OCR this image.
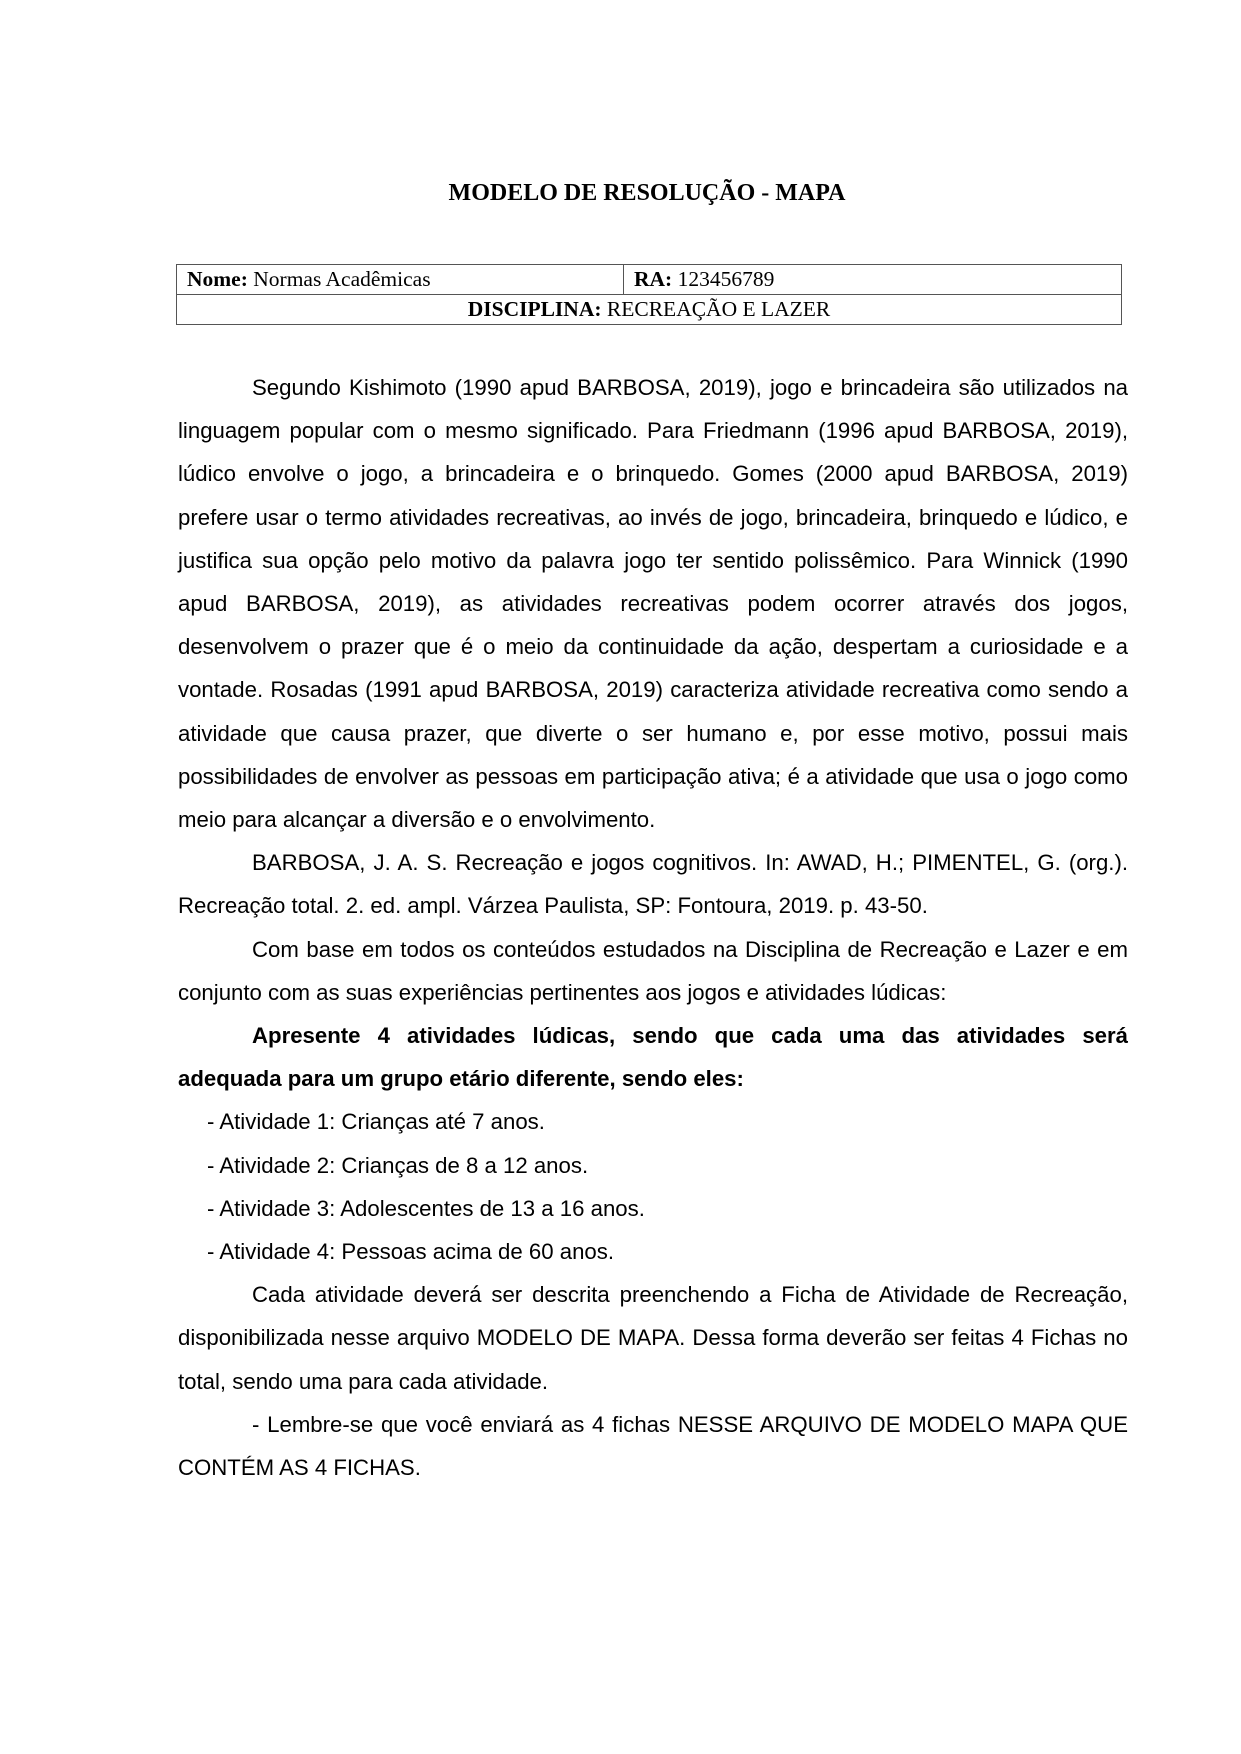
MODELO DE RESOLUÇÃO - MAPA
Nome: Normas Acadêmicas	RA: 123456789
DISCIPLINA: RECREAÇÃO E LAZER

Segundo Kishimoto (1990 apud BARBOSA, 2019), jogo e brincadeira são utilizados na linguagem popular com o mesmo significado. Para Friedmann (1996 apud BARBOSA, 2019), lúdico envolve o jogo, a brincadeira e o brinquedo. Gomes (2000 apud BARBOSA, 2019) prefere usar o termo atividades recreativas, ao invés de jogo, brincadeira, brinquedo e lúdico, e justifica sua opção pelo motivo da palavra jogo ter sentido polissêmico. Para Winnick (1990 apud BARBOSA, 2019), as atividades recreativas podem ocorrer através dos jogos, desenvolvem o prazer que é o meio da continuidade da ação, despertam a curiosidade e a vontade. Rosadas (1991 apud BARBOSA, 2019) caracteriza atividade recreativa como sendo a atividade que causa prazer, que diverte o ser humano e, por esse motivo, possui mais possibilidades de envolver as pessoas em participação ativa; é a atividade que usa o jogo como meio para alcançar a diversão e o envolvimento.

BARBOSA, J. A. S. Recreação e jogos cognitivos. In: AWAD, H.; PIMENTEL, G. (org.). Recreação total. 2. ed. ampl. Várzea Paulista, SP: Fontoura, 2019. p. 43-50.

Com base em todos os conteúdos estudados na Disciplina de Recreação e Lazer e em conjunto com as suas experiências pertinentes aos jogos e atividades lúdicas:

Apresente 4 atividades lúdicas, sendo que cada uma das atividades será adequada para um grupo etário diferente, sendo eles:

- Atividade 1: Crianças até 7 anos.

- Atividade 2: Crianças de 8 a 12 anos.

- Atividade 3: Adolescentes de 13 a 16 anos.

- Atividade 4: Pessoas acima de 60 anos.

Cada atividade deverá ser descrita preenchendo a Ficha de Atividade de Recreação, disponibilizada nesse arquivo MODELO DE MAPA. Dessa forma deverão ser feitas 4 Fichas no total, sendo uma para cada atividade.

- Lembre-se que você enviará as 4 fichas NESSE ARQUIVO DE MODELO MAPA QUE CONTÉM AS 4 FICHAS.
